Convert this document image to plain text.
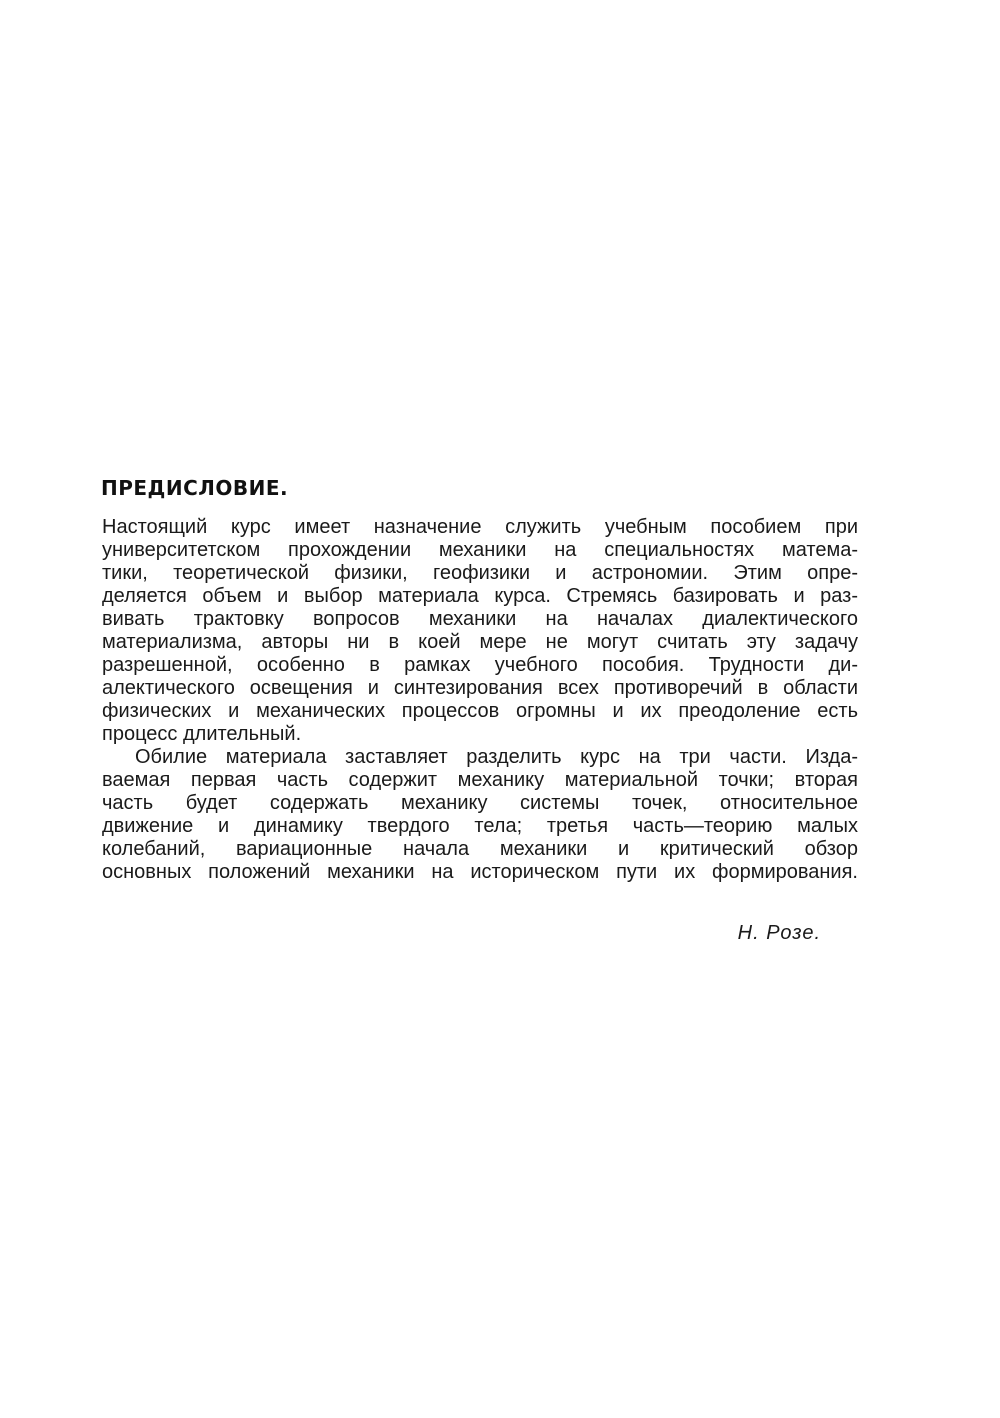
ПРЕДИСЛОВИЕ.
Настоящий курс имеет назначение служить учебным пособием при
университетском прохождении механики на специальностях матема-
тики, теоретической физики, геофизики и астрономии. Этим опре-
деляется объем и выбор материала курса. Стремясь базировать и раз-
вивать трактовку вопросов механики на началах диалектического
материализма, авторы ни в коей мере не могут считать эту задачу
разрешенной, особенно в рамках учебного пособия. Трудности ди-
алектического освещения и синтезирования всех противоречий в области
физических и механических процессов огромны и их преодоление есть
процесс длительный.
Обилие материала заставляет разделить курс на три части. Изда-
ваемая первая часть содержит механику материальной точки; вторая
часть будет содержать механику системы точек, относительное
движение и динамику твердого тела; третья часть—теорию малых
колебаний, вариационные начала механики и критический обзор
основных положений механики на историческом пути их формирования.

Н. Розе.
